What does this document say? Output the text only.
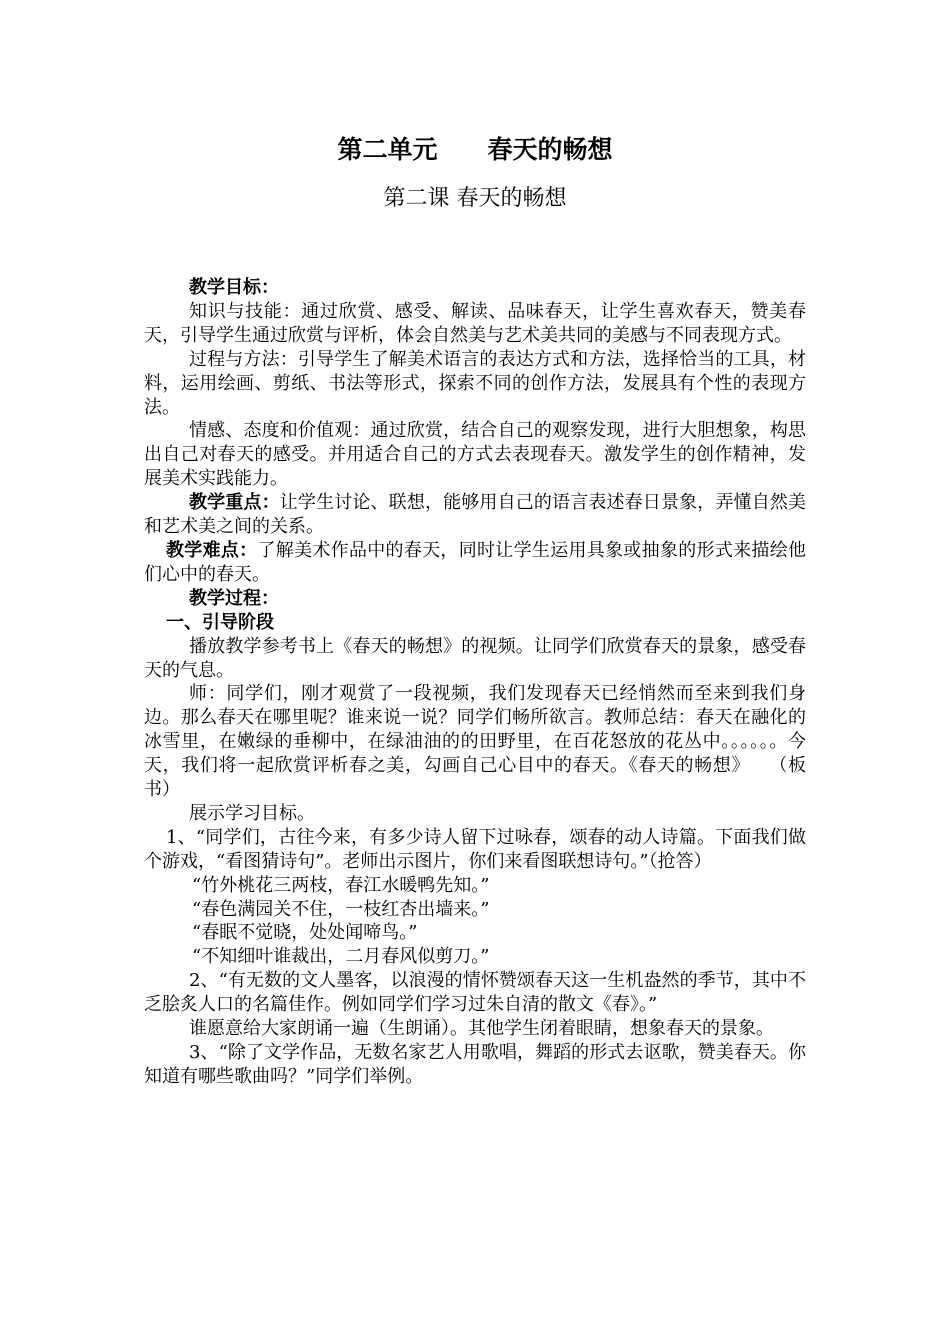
第二单元　　春天的畅想
第二课 春天的畅想

教学目标：

知识与技能：通过欣赏、感受、解读、品味春天，让学生喜欢春天，赞美春天，引导学生通过欣赏与评析，体会自然美与艺术美共同的美感与不同表现方式。

过程与方法：引导学生了解美术语言的表达方式和方法，选择恰当的工具，材料，运用绘画、剪纸、书法等形式，探索不同的创作方法，发展具有个性的表现方法。

情感、态度和价值观：通过欣赏，结合自己的观察发现，进行大胆想象，构思出自己对春天的感受。并用适合自己的方式去表现春天。激发学生的创作精神，发展美术实践能力。

教学重点：让学生讨论、联想，能够用自己的语言表述春日景象，弄懂自然美和艺术美之间的关系。

教学难点：了解美术作品中的春天，同时让学生运用具象或抽象的形式来描绘他们心中的春天。

教学过程：

一、引导阶段

播放教学参考书上《春天的畅想》的视频。让同学们欣赏春天的景象，感受春天的气息。

师：同学们，刚才观赏了一段视频，我们发现春天已经悄然而至来到我们身边。那么春天在哪里呢？谁来说一说？同学们畅所欲言。教师总结：春天在融化的冰雪里，在嫩绿的垂柳中，在绿油油的的田野里，在百花怒放的花丛中。。。。。。今天，我们将一起欣赏评析春之美，勾画自己心目中的春天。《春天的畅想》　　（板书）

展示学习目标。

1、“同学们，古往今来，有多少诗人留下过咏春，颂春的动人诗篇。下面我们做个游戏，“看图猜诗句”。老师出示图片，你们来看图联想诗句。”（抢答）

“竹外桃花三两枝，春江水暖鸭先知。”

“春色满园关不住，一枝红杏出墙来。”

“春眠不觉晓，处处闻啼鸟。”

“不知细叶谁裁出，二月春风似剪刀。”

2、“有无数的文人墨客，以浪漫的情怀赞颂春天这一生机盎然的季节，其中不乏脍炙人口的名篇佳作。例如同学们学习过朱自清的散文《春》。”

谁愿意给大家朗诵一遍（生朗诵）。其他学生闭着眼睛，想象春天的景象。

3、“除了文学作品，无数名家艺人用歌唱，舞蹈的形式去讴歌，赞美春天。你知道有哪些歌曲吗？”同学们举例。
